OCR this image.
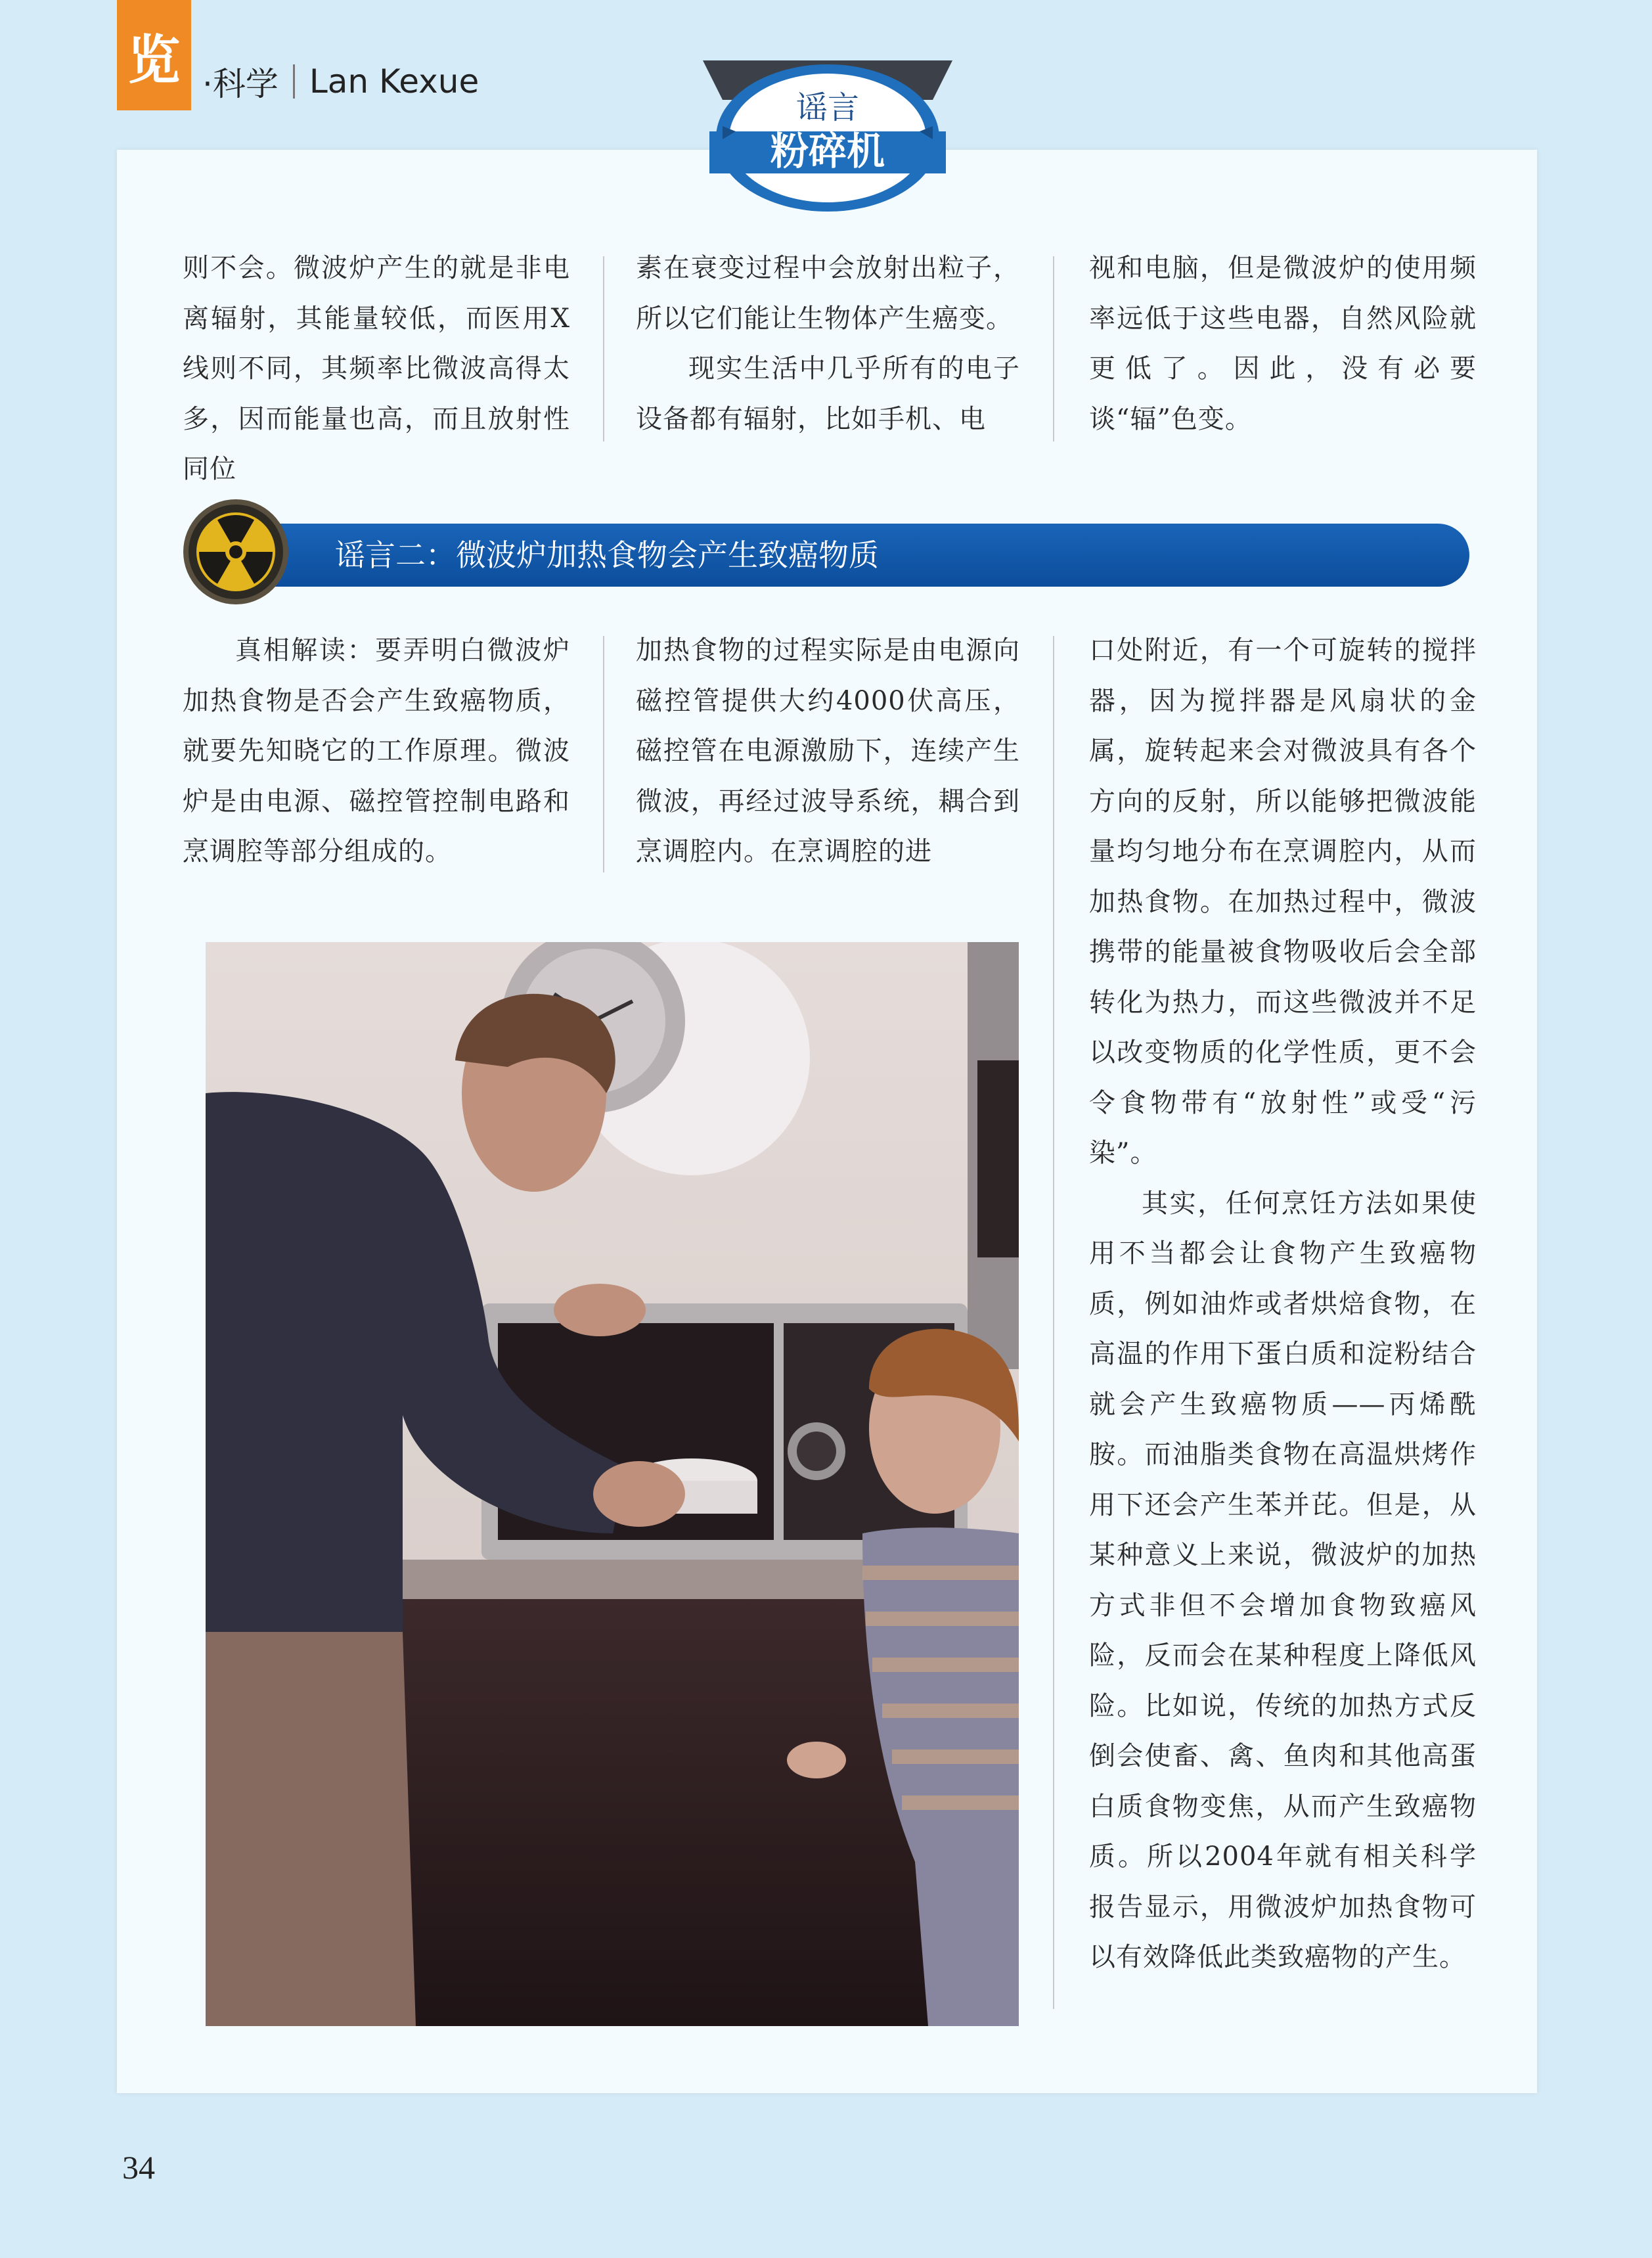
览 ·科学 Lan Kexue

则不会。微波炉产生的就是非电离辐射，其能量较低，而医用X线则不同，其频率比微波高得太多，因而能量也高，而且放射性同位

素在衰变过程中会放射出粒子，所以它们能让生物体产生癌变。

现实生活中几乎所有的电子设备都有辐射，比如手机、电

视和电脑，但是微波炉的使用频率远低于这些电器，自然风险就更低了。因此，没有必要谈“辐”色变。

真相解读：要弄明白微波炉加热食物是否会产生致癌物质，就要先知晓它的工作原理。微波炉是由电源、磁控管控制电路和烹调腔等部分组成的。

加热食物的过程实际是由电源向磁控管提供大约4000伏高压，磁控管在电源激励下，连续产生微波，再经过波导系统，耦合到烹调腔内。在烹调腔的进

口处附近，有一个可旋转的搅拌器，因为搅拌器是风扇状的金属，旋转起来会对微波具有各个方向的反射，所以能够把微波能量均匀地分布在烹调腔内，从而加热食物。在加热过程中，微波携带的能量被食物吸收后会全部转化为热力，而这些微波并不足以改变物质的化学性质，更不会令食物带有“放射性”或受“污染”。

其实，任何烹饪方法如果使用不当都会让食物产生致癌物质，例如油炸或者烘焙食物，在高温的作用下蛋白质和淀粉结合就会产生致癌物质——丙烯酰胺。而油脂类食物在高温烘烤作用下还会产生苯并芘。但是，从某种意义上来说，微波炉的加热方式非但不会增加食物致癌风险，反而会在某种程度上降低风险。比如说，传统的加热方式反倒会使畜、禽、鱼肉和其他高蛋白质食物变焦，从而产生致癌物质。所以2004年就有相关科学报告显示，用微波炉加热食物可以有效降低此类致癌物的产生。

谣言
粉碎机
谣言二：微波炉加热食物会产生致癌物质
34
